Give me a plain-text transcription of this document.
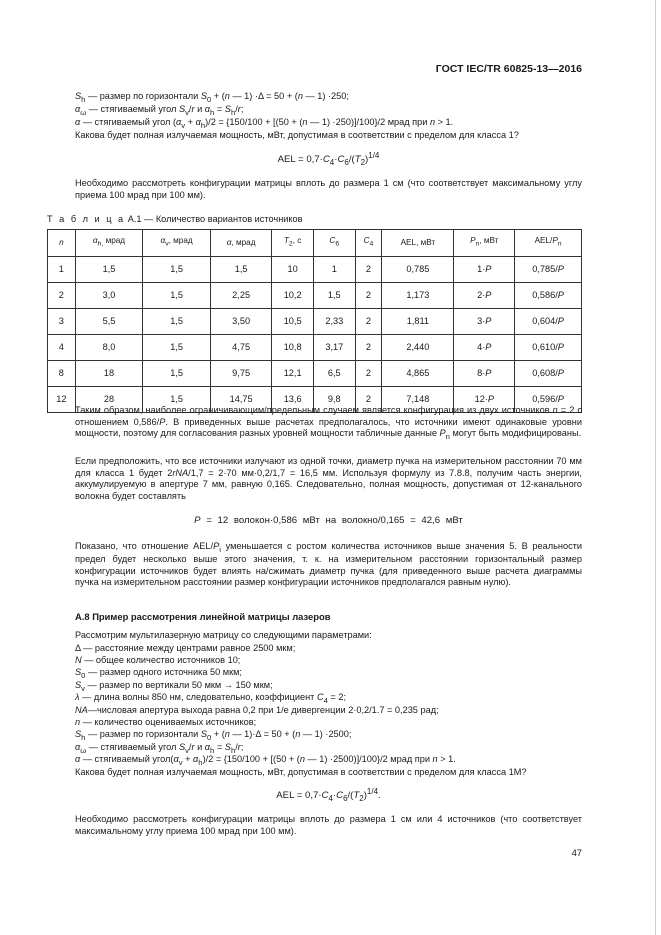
ГОСТ IEC/TR 60825-13—2016
$S_h$ — размер по горизонтали $S_0 + (n$ — 1) ·Δ = 50 + (n — 1) ·250;
$\alpha_\omega$ — стягиваемый угол $S_v/r$ и $\alpha_h = S_h/r$;
α — стягиваемый угол $(\alpha_v + \alpha_h)/2 = \{150/100 + [(50 + (n$ — 1) ·250)]/100}/2 мрад при n > 1.
Какова будет полная излучаемая мощность, мВт, допустимая в соответствии с пределом для класса 1?
AEL = $0,7\cdot C_4\cdot C_6/(T_2)^{1/4}$

Необходимо рассмотреть конфигурации матрицы вплоть до размера 1 см (что соответствует максимальному углу приема 100 мрад при 100 мм).

Т а б л и ц а А.1 — Количество вариантов источников
n	$\alpha_{h,}$ мрад	$\alpha_v$, мрад	α, мрад	$T_2$, с	$C_6$	$C_4$	AEL, мВт	$P_n$, мВт	AEL/$P_n$
1	1,5	1,5	1,5	10	1	2	0,785	1·P	0,785/P
2	3,0	1,5	2,25	10,2	1,5	2	1,173	2·P	0,586/P
3	5,5	1,5	3,50	10,5	2,33	2	1,811	3·P	0,604/P
4	8,0	1,5	4,75	10,8	3,17	2	2,440	4·P	0,610/P
8	18	1,5	9,75	12,1	6,5	2	4,865	8·P	0,608/P
12	28	1,5	14,75	13,6	9,8	2	7,148	12·P	0,596/P

Таким образом, наиболее ограничивающим/предельным случаем является конфигурация из двух источников n = 2 с отношением 0,586/P. В приведенных выше расчетах предполагалось, что источники имеют одинаковые уровни мощности, поэтому для согласования разных уровней мощности табличные данные $P_n$ могут быть модифицированы.

Если предположить, что все источники излучают из одной точки, диаметр пучка на измерительном расстоянии 70 мм для класса 1 будет 2rNA/1,7 = 2·70 мм·0,2/1,7 = 16,5 мм. Используя формулу из 7.8.8, получим часть энергии, аккумулируемую в апертуре 7 мм, равную 0,165. Следовательно, полная мощность, допустимая от 12-канального волокна будет составлять

P = 12 волокон·0,586 мВт на волокно/0,165 = 42,6 мВт

Показано, что отношение AEL/$P_i$ уменьшается с ростом количества источников выше значения 5. В реальности предел будет несколько выше этого значения, т. к. на измерительном расстоянии горизонтальный размер конфигурации источников будет влиять на/сжимать диаметр пучка (для приведенного выше расчета диаграммы пучка на измерительном расстоянии размер конфигурации источников предполагался равным нулю).

А.8 Пример рассмотрения линейной матрицы лазеров
Рассмотрим мультилазерную матрицу со следующими параметрами:
Δ — расстояние между центрами равное 2500 мкм;
N — общее количество источников 10;
$S_0$ — размер одного источника 50 мкм;
$S_v$ — размер по вертикали 50 мкм → 150 мкм;
λ — длина волны 850 нм, следовательно, коэффициент $C_4 = 2$;
NA—числовая апертура выхода равна 0,2 при 1/e дивергенции 2·0,2/1.7 = 0,235 рад;
n — количество оцениваемых источников;
$S_h$ — размер по горизонтали $S_0 + (n$ — 1)·Δ = 50 + (n — 1) ·2500;
$\alpha_\omega$ — стягиваемый угол $S_v/r$ и $\alpha_h = S_h/r$;
α — стягиваемый $угол(\alpha_v + \alpha_h)/2 = \{150/100 + [(50 + (n$ — 1) ·2500)]/100}/2 мрад при n > 1.
Какова будет полная излучаемая мощность, мВт, допустимая в соответствии с пределом для класса 1М?
AEL = $0,7\cdot C_4\cdot C_6/(T_2)^{1/4}$.

Необходимо рассмотреть конфигурации матрицы вплоть до размера 1 см или 4 источников (что соответствует максимальному углу приема 100 мрад при 100 мм).

47
